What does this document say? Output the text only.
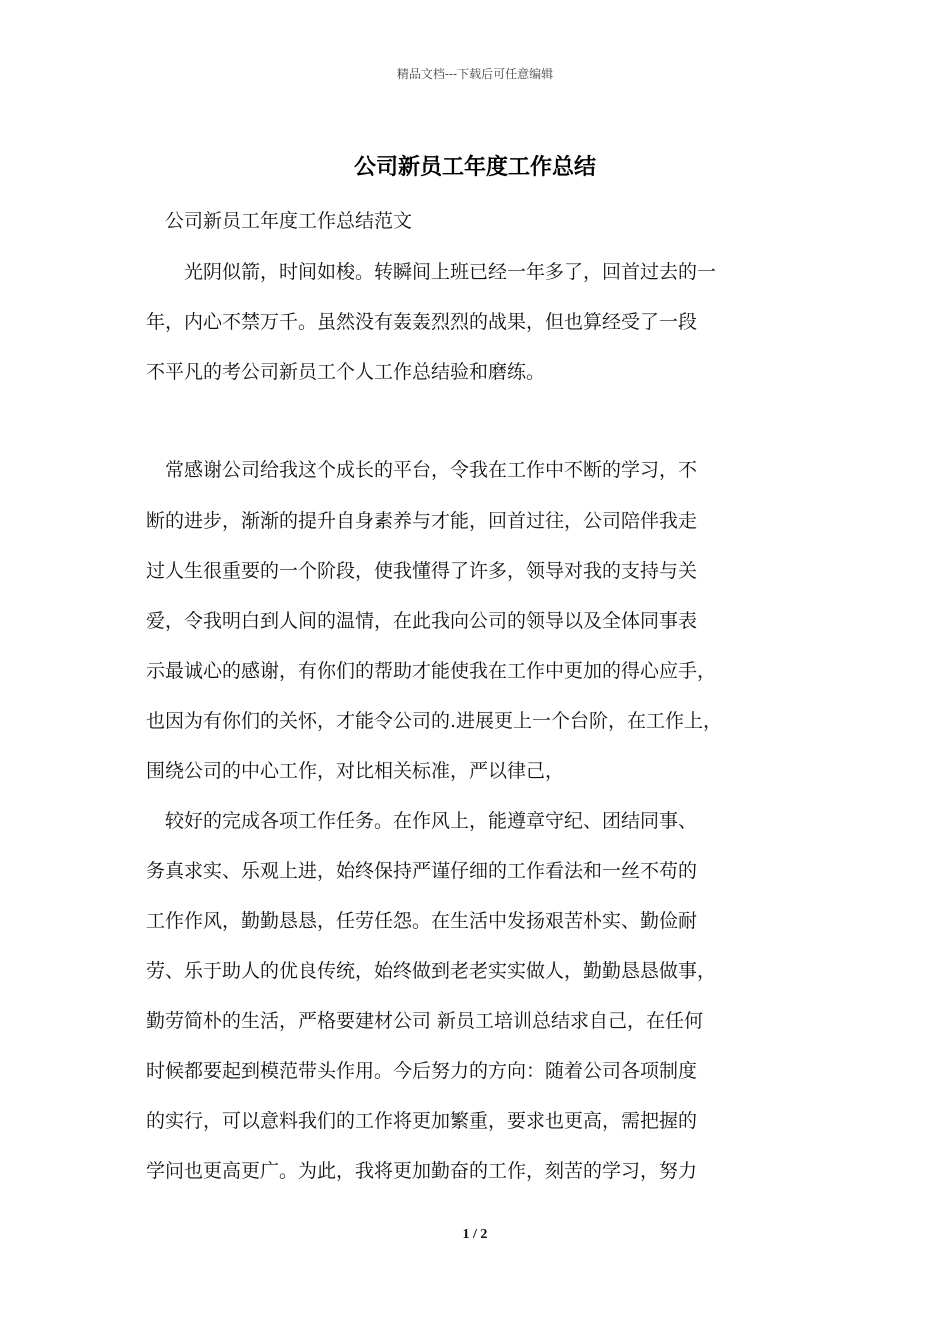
精品文档---下载后可任意编辑
公司新员工年度工作总结
公司新员工年度工作总结范文
　光阴似箭，时间如梭。转瞬间上班已经一年多了，回首过去的一
年，内心不禁万千。虽然没有轰轰烈烈的战果，但也算经受了一段
不平凡的考公司新员工个人工作总结验和磨练。
常感谢公司给我这个成长的平台，令我在工作中不断的学习，不
断的进步，渐渐的提升自身素养与才能，回首过往，公司陪伴我走
过人生很重要的一个阶段，使我懂得了许多，领导对我的支持与关
爱，令我明白到人间的温情，在此我向公司的领导以及全体同事表
示最诚心的感谢，有你们的帮助才能使我在工作中更加的得心应手，
也因为有你们的关怀，才能令公司的.进展更上一个台阶，在工作上，
围绕公司的中心工作，对比相关标准，严以律己，
较好的完成各项工作任务。在作风上，能遵章守纪、团结同事、
务真求实、乐观上进，始终保持严谨仔细的工作看法和一丝不苟的
工作作风，勤勤恳恳，任劳任怨。在生活中发扬艰苦朴实、勤俭耐
劳、乐于助人的优良传统，始终做到老老实实做人，勤勤恳恳做事，
勤劳简朴的生活，严格要建材公司 新员工培训总结求自己，在任何
时候都要起到模范带头作用。今后努力的方向：随着公司各项制度
的实行，可以意料我们的工作将更加繁重，要求也更高，需把握的
学问也更高更广。为此，我将更加勤奋的工作，刻苦的学习，努力
1 / 2
